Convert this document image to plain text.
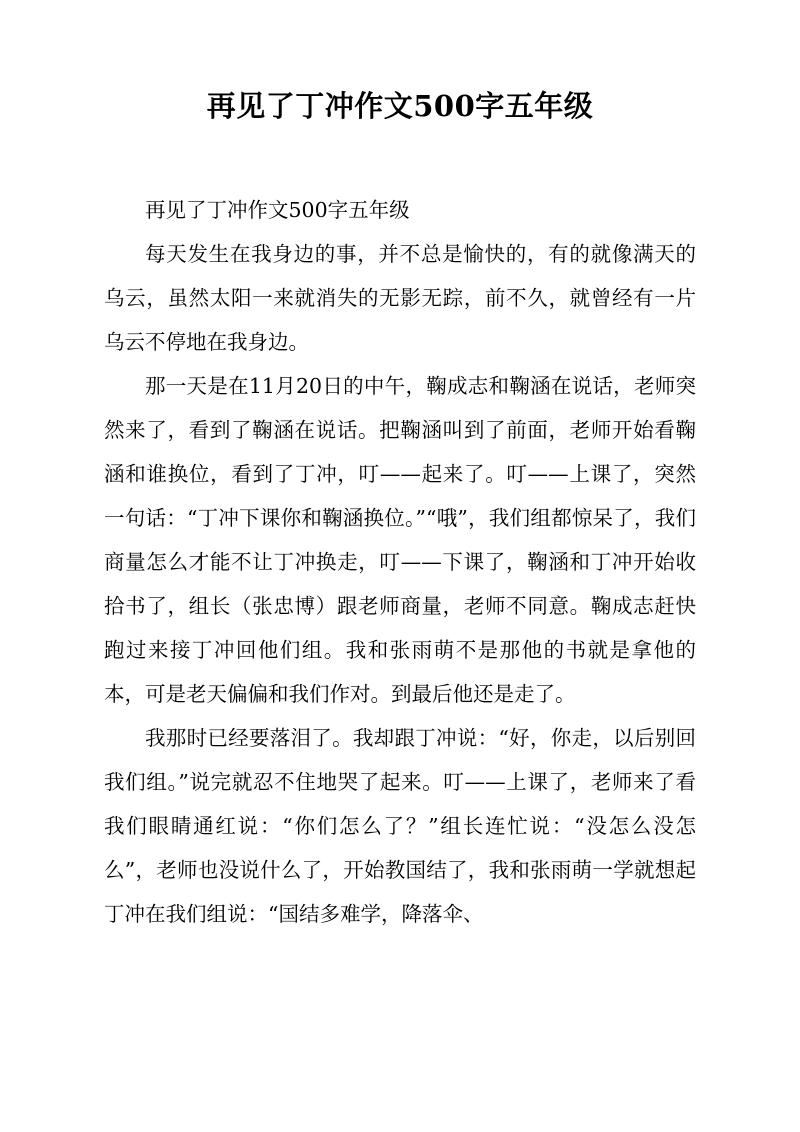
再见了丁冲作文500字五年级

再见了丁冲作文500字五年级

每天发生在我身边的事，并不总是愉快的，有的就像满天的乌云，虽然太阳一来就消失的无影无踪，前不久，就曾经有一片乌云不停地在我身边。

那一天是在11月20日的中午，鞠成志和鞠涵在说话，老师突然来了，看到了鞠涵在说话。把鞠涵叫到了前面，老师开始看鞠涵和谁换位，看到了丁冲，叮——起来了。叮——上课了，突然一句话：“丁冲下课你和鞠涵换位。”“哦”，我们组都惊呆了，我们商量怎么才能不让丁冲换走，叮——下课了，鞠涵和丁冲开始收拾书了，组长（张忠博）跟老师商量，老师不同意。鞠成志赶快跑过来接丁冲回他们组。我和张雨萌不是那他的书就是拿他的本，可是老天偏偏和我们作对。到最后他还是走了。

我那时已经要落泪了。我却跟丁冲说：“好，你走，以后别回我们组。”说完就忍不住地哭了起来。叮——上课了，老师来了看我们眼睛通红说：“你们怎么了？”组长连忙说：“没怎么没怎么”，老师也没说什么了，开始教国结了，我和张雨萌一学就想起丁冲在我们组说：“国结多难学，降落伞、
